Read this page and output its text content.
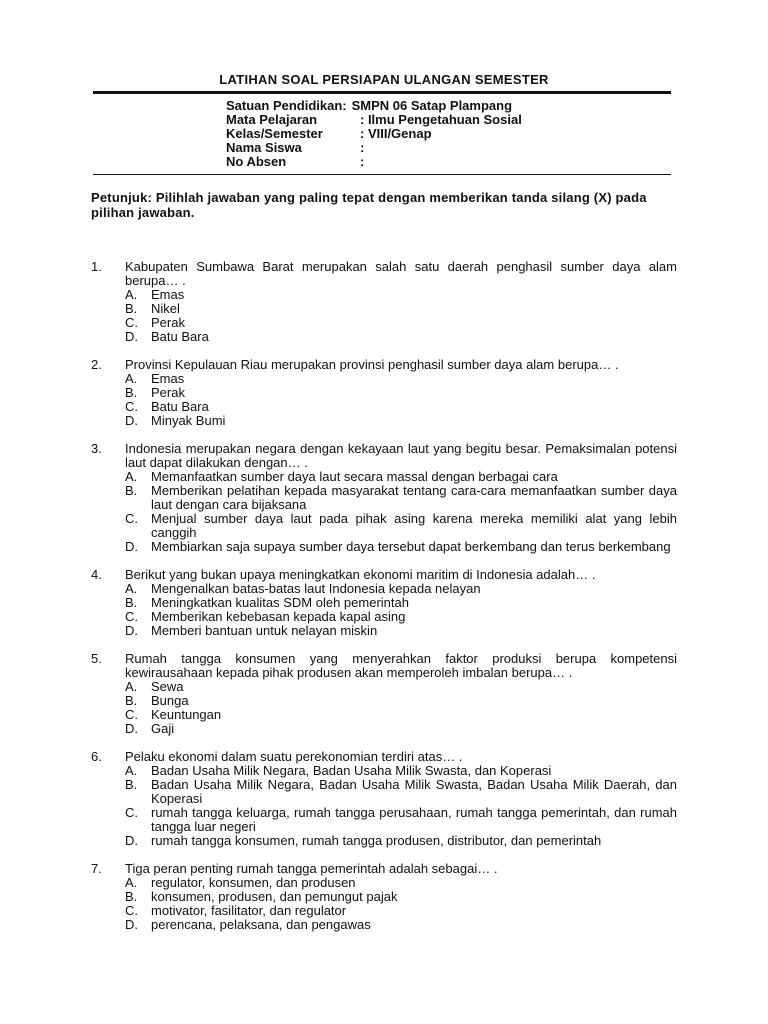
LATIHAN SOAL PERSIAPAN ULANGAN SEMESTER
Satuan Pendidikan: SMPN 06 Satap Plampang
Mata Pelajaran	: Ilmu Pengetahuan Sosial
Kelas/Semester	: VIII/Genap
Nama Siswa	:
No Absen	:
Petunjuk: Pilihlah jawaban yang paling tepat dengan memberikan tanda silang (X) pada pilihan jawaban.
1.	Kabupaten Sumbawa Barat merupakan salah satu daerah penghasil sumber daya alam berupa… .
A.	Emas
B.	Nikel
C.	Perak
D.	Batu Bara
2.	Provinsi Kepulauan Riau merupakan provinsi penghasil sumber daya alam berupa… .
A.	Emas
B.	Perak
C.	Batu Bara
D.	Minyak Bumi
3.	Indonesia merupakan negara dengan kekayaan laut yang begitu besar. Pemaksimalan potensi laut dapat dilakukan dengan… .
A.	Memanfaatkan sumber daya laut secara massal dengan berbagai cara
B.	Memberikan pelatihan kepada masyarakat tentang cara-cara memanfaatkan sumber daya laut dengan cara bijaksana
C.	Menjual sumber daya laut pada pihak asing karena mereka memiliki alat yang lebih canggih
D.	Membiarkan saja supaya sumber daya tersebut dapat berkembang dan terus berkembang
4.	Berikut yang bukan upaya meningkatkan ekonomi maritim di Indonesia adalah… .
A.	Mengenalkan batas-batas laut Indonesia kepada nelayan
B.	Meningkatkan kualitas SDM oleh pemerintah
C.	Memberikan kebebasan kepada kapal asing
D.	Memberi bantuan untuk nelayan miskin
5.	Rumah tangga konsumen yang menyerahkan faktor produksi berupa kompetensi kewirausahaan kepada pihak produsen akan memperoleh imbalan berupa… .
A.	Sewa
B.	Bunga
C.	Keuntungan
D.	Gaji
6.	Pelaku ekonomi dalam suatu perekonomian terdiri atas… .
A.	Badan Usaha Milik Negara, Badan Usaha Milik Swasta, dan Koperasi
B.	Badan Usaha Milik Negara, Badan Usaha Milik Swasta, Badan Usaha Milik Daerah, dan Koperasi
C.	rumah tangga keluarga, rumah tangga perusahaan, rumah tangga pemerintah, dan rumah tangga luar negeri
D.	rumah tangga konsumen, rumah tangga produsen, distributor, dan pemerintah
7.	Tiga peran penting rumah tangga pemerintah adalah sebagai… .
A.	regulator, konsumen, dan produsen
B.	konsumen, produsen, dan pemungut pajak
C.	motivator, fasilitator, dan regulator
D.	perencana, pelaksana, dan pengawas
